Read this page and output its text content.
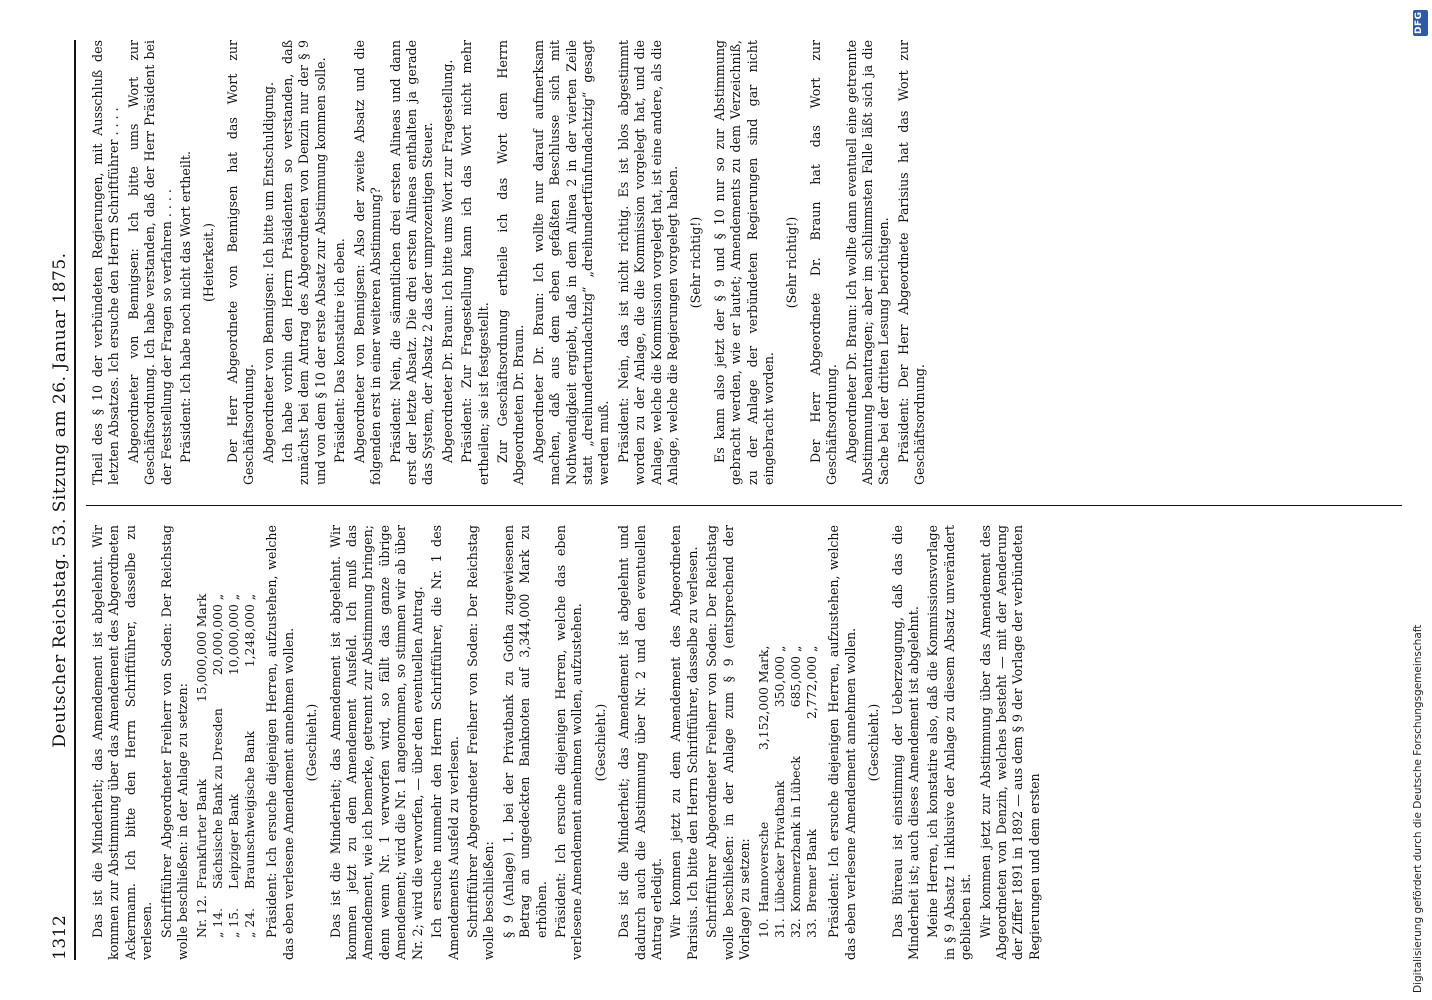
1312
Deutscher Reichstag. 53. Sitzung am 26. Januar 1875. Das ist die Minderheit; das Amendement ist abgelehnt. Wir kommen zur Abstimmung über das Amendement des Abgeordneten Ackermann. Ich bitte den Herrn Schriftführer, dasselbe zu verlesen. Schriftführer Abgeordneter Freiherr von Soden: Der Reichstag wolle beschließen: in der Anlage zu setzen: Nr. 12.	Frankfurter Bank	15,000,000 Mark
„ 14.	Sächsische Bank zu Dresden	20,000,000 „
„ 15.	Leipziger Bank	10,000,000 „
„ 24.	Braunschweigische Bank	1,248,000 „ Präsident: Ich ersuche diejenigen Herren, aufzustehen, welche das eben verlesene Amendement annehmen wollen. (Geschieht.) Das ist die Minderheit; das Amendement ist abgelehnt. Wir kommen jetzt zu dem Amendement Ausfeld. Ich muß das Amendement, wie ich bemerke, getrennt zur Abstimmung bringen; denn wenn Nr. 1 verworfen wird, so fällt das ganze übrige Amendement; wird die Nr. 1 angenommen, so stimmen wir ab über Nr. 2; wird die verworfen, — über den eventuellen Antrag. Ich ersuche nunmehr den Herrn Schriftführer, die Nr. 1 des Amendements Ausfeld zu verlesen. Schriftführer Abgeordneter Freiherr von Soden: Der Reichstag wolle beschließen: § 9 (Anlage) 1. bei der Privatbank zu Gotha zugewiesenen Betrag an ungedeckten Banknoten auf 3,344,000 Mark zu erhöhen. Präsident: Ich ersuche diejenigen Herren, welche das eben verlesene Amendement annehmen wollen, aufzustehen. (Geschieht.) Das ist die Minderheit; das Amendement ist abgelehnt und dadurch auch die Abstimmung über Nr. 2 und den eventuellen Antrag erledigt. Wir kommen jetzt zu dem Amendement des Abgeordneten Parisius. Ich bitte den Herrn Schriftführer, dasselbe zu verlesen. Schriftführer Abgeordneter Freiherr von Soden: Der Reichstag wolle beschließen: in der Anlage zum § 9 (entsprechend der Vorlage) zu setzen: 10.	Hannoversche	3,152,000 Mark,
31.	Lübecker Privatbank	350,000 „
32.	Kommerzbank in Lübeck	685,000 „
33.	Bremer Bank	2,772,000 „ Präsident: Ich ersuche diejenigen Herren, aufzustehen, welche das eben verlesene Amendement annehmen wollen. (Geschieht.) Das Büreau ist einstimmig der Ueberzeugung, daß das die Minderheit ist; auch dieses Amendement ist abgelehnt. Meine Herren, ich konstatire also, daß die Kommissionsvorlage in § 9 Absatz 1 inklusive der Anlage zu diesem Absatz unverändert geblieben ist. Wir kommen jetzt zur Abstimmung über das Amendement des Abgeordneten von Denzin, welches besteht — mit der Aenderung der Ziffer 1891 in 1892 — aus dem § 9 der Vorlage der verbündeten Regierungen und dem ersten

Theil des § 10 der verbündeten Regierungen, mit Ausschluß des letzten Absatzes. Ich ersuche den Herrn Schriftführer . . . . Abgeordneter von Bennigsen: Ich bitte ums Wort zur Geschäftsordnung. Ich habe verstanden, daß der Herr Präsident bei der Feststellung der Fragen so verfahren . . . . Präsident: Ich habe noch nicht das Wort ertheilt. (Heiterkeit.) Der Herr Abgeordnete von Bennigsen hat das Wort zur Geschäftsordnung. Abgeordneter von Bennigsen: Ich bitte um Entschuldigung. Ich habe vorhin den Herrn Präsidenten so verstanden, daß zunächst bei dem Antrag des Abgeordneten von Denzin nur der § 9 und von dem § 10 der erste Absatz zur Abstimmung kommen solle. Präsident: Das konstatire ich eben. Abgeordneter von Bennigsen: Also der zweite Absatz und die folgenden erst in einer weiteren Abstimmung? Präsident: Nein, die sämmtlichen drei ersten Alineas und dann erst der letzte Absatz. Die drei ersten Alineas enthalten ja gerade das System, der Absatz 2 das der umprozentigen Steuer. Abgeordneter Dr. Braun: Ich bitte ums Wort zur Fragestellung. Präsident: Zur Fragestellung kann ich das Wort nicht mehr ertheilen; sie ist festgestellt. Zur Geschäftsordnung ertheile ich das Wort dem Herrn Abgeordneten Dr. Braun. Abgeordneter Dr. Braun: Ich wollte nur darauf aufmerksam machen, daß aus dem eben gefaßten Beschlusse sich mit Nothwendigkeit ergiebt, daß in dem Alinea 2 in der vierten Zeile statt „dreihundertundachtzig“ „dreihundertfünfundachtzig“ gesagt werden muß. Präsident: Nein, das ist nicht richtig. Es ist blos abgestimmt worden zu der Anlage, die die Kommission vorgelegt hat, und die Anlage, welche die Kommission vorgelegt hat, ist eine andere, als die Anlage, welche die Regierungen vorgelegt haben. (Sehr richtig!) Es kann also jetzt der § 9 und § 10 nur so zur Abstimmung gebracht werden, wie er lautet; Amendements zu dem Verzeichniß, zu der Anlage der verbündeten Regierungen sind gar nicht eingebracht worden.

(Sehr richtig!) Der Herr Abgeordnete Dr. Braun hat das Wort zur Geschäftsordnung. Abgeordneter Dr. Braun: Ich wollte dann eventuell eine getrennte Abstimmung beantragen; aber im schlimmsten Falle läßt sich ja die Sache bei der dritten Lesung berichtigen. Präsident: Der Herr Abgeordnete Parisius hat das Wort zur Geschäftsordnung.

DFG
Digitalisierung gefördert durch die Deutsche Forschungsgemeinschaft
